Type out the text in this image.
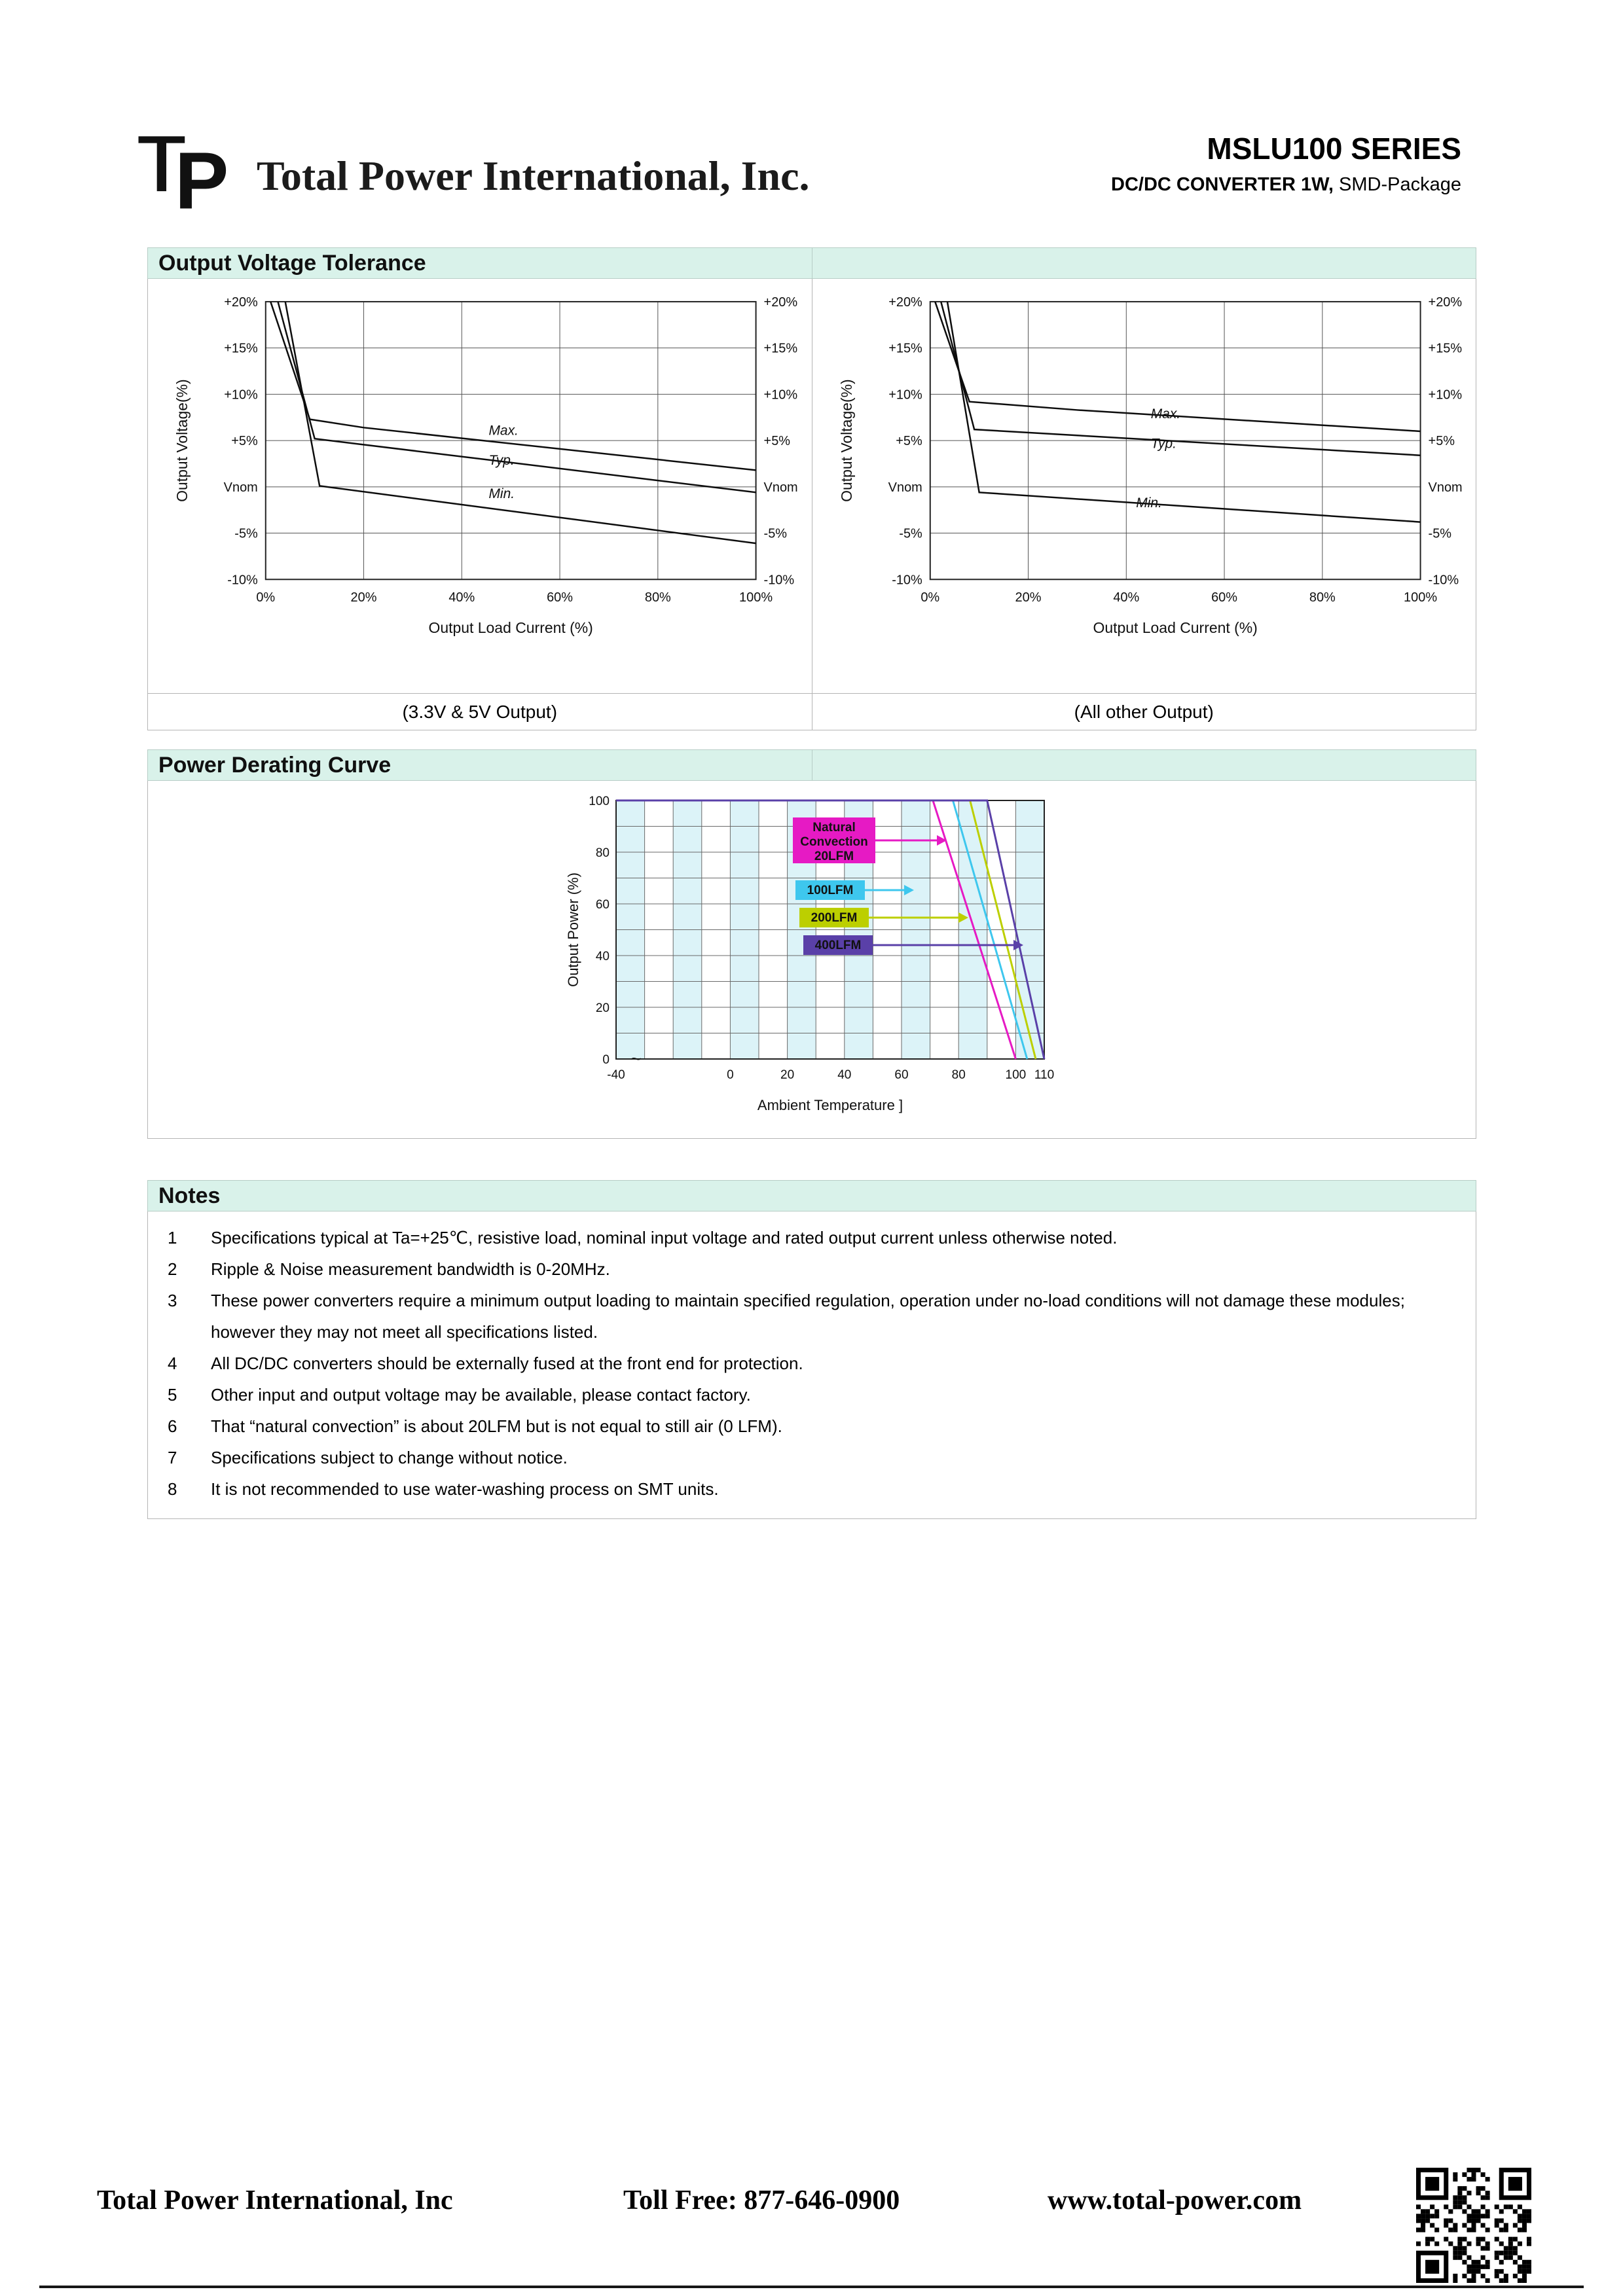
P
T Total Power International, Inc.
MSLU100 SERIES
DC/DC CONVERTER 1W, SMD-Package
Output Voltage Tolerance
+20%	+20%
+15%	+15%
+10%	+10%
+5%	+5%
Vnom	Vnom
-5%	-5%
-10%	-10%
0%	20%	40%	60%	80%	100%
Max.
Typ.
Min.
Output Load Current (%)
Output Voltage(%)
+20%	+20%
+15%	+15%
+10%	+10%
+5%	+5%
Vnom	Vnom
-5%	-5%
-10%	-10%
0%	20%	40%	60%	80%	100%
Max.
Typ.
Min.
Output Load Current (%)
Output Voltage(%)
(3.3V & 5V Output)	(All other Output)
Power Derating Curve
-40	0	20	40	60	80	100 110
0
20
40
60
80
100
~
Ambient Temperature ]
Output Power (%)
Natural
Convection
20LFM
100LFM
200LFM
400LFM
Notes
1	Specifications typical at Ta=+25℃, resistive load, nominal input voltage and rated output current unless otherwise noted.
2	Ripple & Noise measurement bandwidth is 0-20MHz.
3	These power converters require a minimum output loading to maintain specified regulation, operation under no-load conditions will not damage these modules; however they may not meet all specifications listed.
4	All DC/DC converters should be externally fused at the front end for protection.
5	Other input and output voltage may be available, please contact factory.
6	That “natural convection” is about 20LFM but is not equal to still air (0 LFM).
7	Specifications subject to change without notice.
8	It is not recommended to use water-washing process on SMT units.
Total Power International, Inc	Toll Free: 877-646-0900	www.total-power.com
